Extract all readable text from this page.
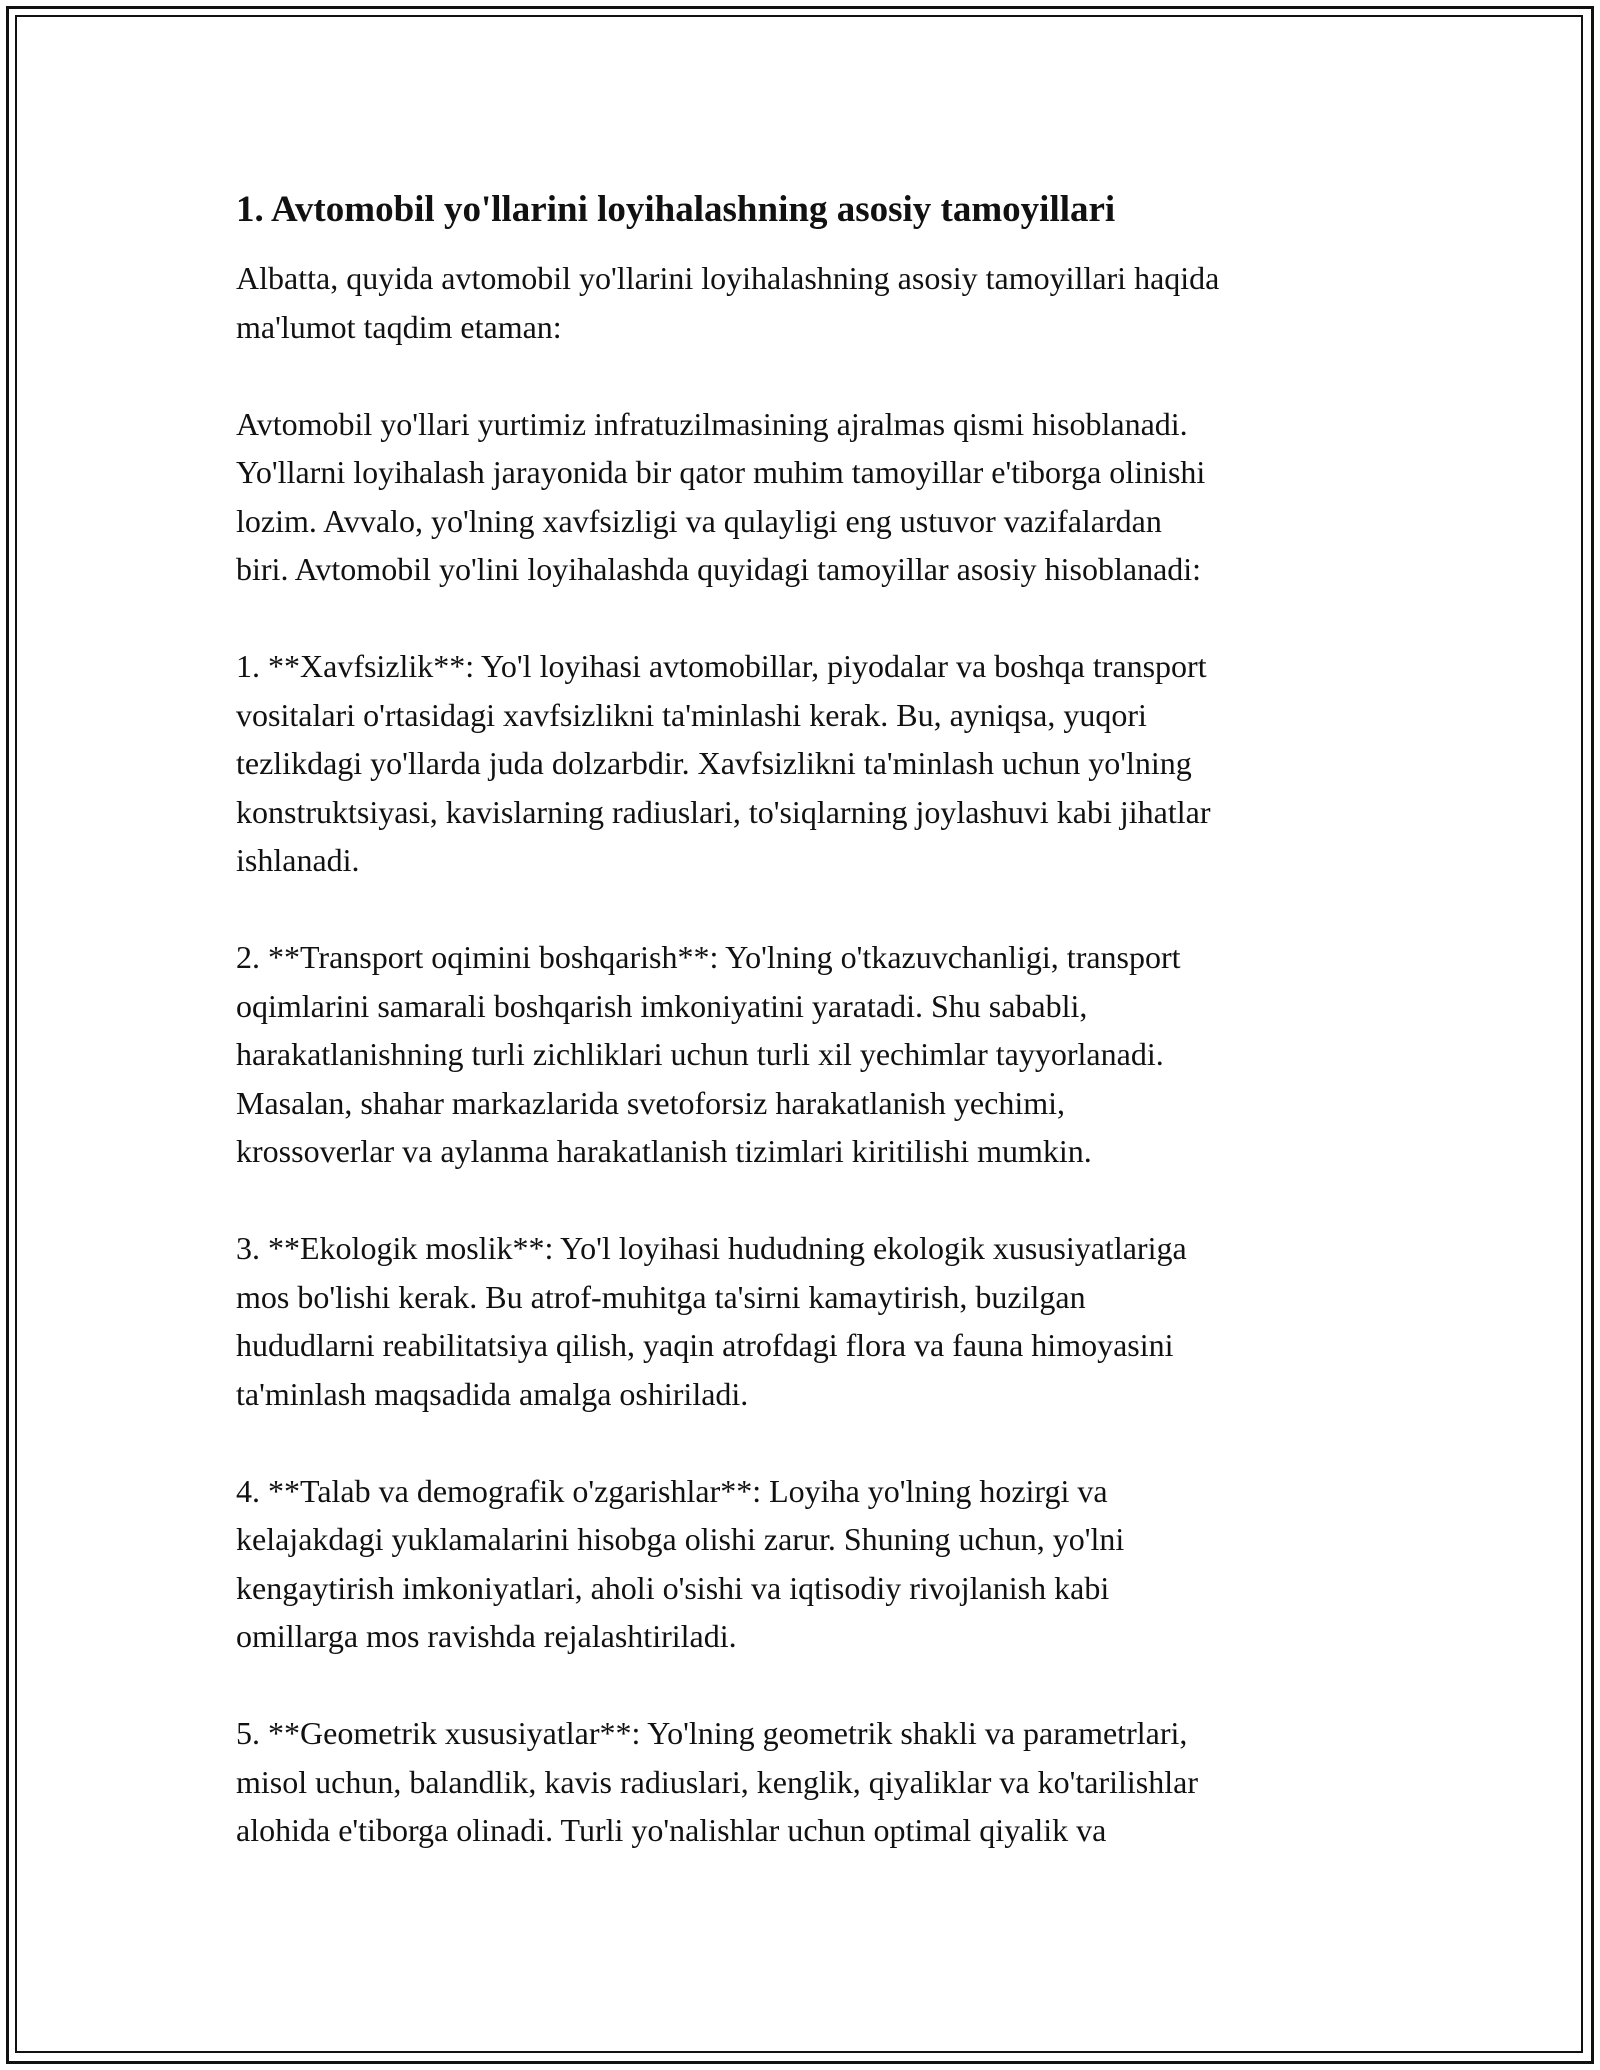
1. Avtomobil yo'llarini loyihalashning asosiy tamoyillari

Albatta, quyida avtomobil yo'llarini loyihalashning asosiy tamoyillari haqida
ma'lumot taqdim etaman:

Avtomobil yo'llari yurtimiz infratuzilmasining ajralmas qismi hisoblanadi.
Yo'llarni loyihalash jarayonida bir qator muhim tamoyillar e'tiborga olinishi
lozim. Avvalo, yo'lning xavfsizligi va qulayligi eng ustuvor vazifalardan
biri. Avtomobil yo'lini loyihalashda quyidagi tamoyillar asosiy hisoblanadi:

1. **Xavfsizlik**: Yo'l loyihasi avtomobillar, piyodalar va boshqa transport
vositalari o'rtasidagi xavfsizlikni ta'minlashi kerak. Bu, ayniqsa, yuqori
tezlikdagi yo'llarda juda dolzarbdir. Xavfsizlikni ta'minlash uchun yo'lning
konstruktsiyasi, kavislarning radiuslari, to'siqlarning joylashuvi kabi jihatlar
ishlanadi.

2. **Transport oqimini boshqarish**: Yo'lning o'tkazuvchanligi, transport
oqimlarini samarali boshqarish imkoniyatini yaratadi. Shu sababli,
harakatlanishning turli zichliklari uchun turli xil yechimlar tayyorlanadi.
Masalan, shahar markazlarida svetoforsiz harakatlanish yechimi,
krossoverlar va aylanma harakatlanish tizimlari kiritilishi mumkin.

3. **Ekologik moslik**: Yo'l loyihasi hududning ekologik xususiyatlariga
mos bo'lishi kerak. Bu atrof-muhitga ta'sirni kamaytirish, buzilgan
hududlarni reabilitatsiya qilish, yaqin atrofdagi flora va fauna himoyasini
ta'minlash maqsadida amalga oshiriladi.

4. **Talab va demografik o'zgarishlar**: Loyiha yo'lning hozirgi va
kelajakdagi yuklamalarini hisobga olishi zarur. Shuning uchun, yo'lni
kengaytirish imkoniyatlari, aholi o'sishi va iqtisodiy rivojlanish kabi
omillarga mos ravishda rejalashtiriladi.

5. **Geometrik xususiyatlar**: Yo'lning geometrik shakli va parametrlari,
misol uchun, balandlik, kavis radiuslari, kenglik, qiyaliklar va ko'tarilishlar
alohida e'tiborga olinadi. Turli yo'nalishlar uchun optimal qiyalik va
